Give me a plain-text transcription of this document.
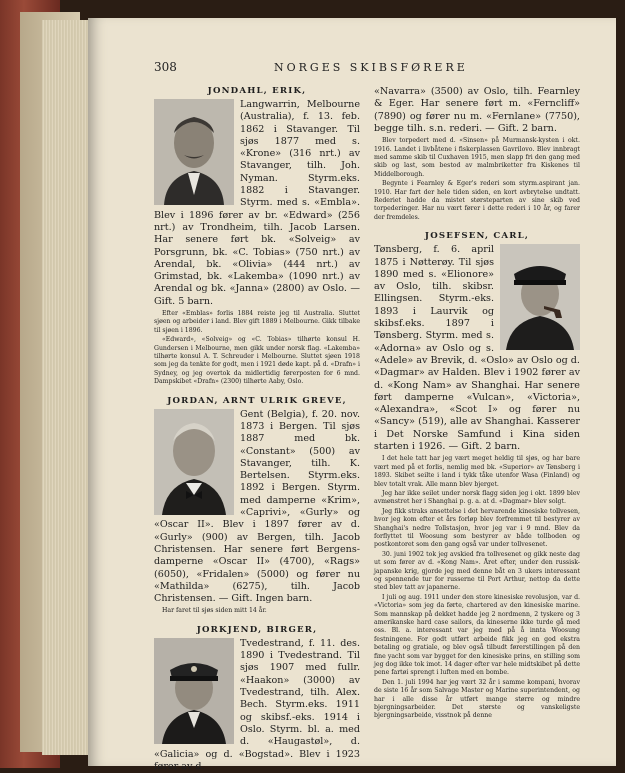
308	NORGES SKIBSFØRERE
JONDAHL, ERIK,
Langwarrin, Melbourne (Australia), f. 13. feb. 1862 i Stavanger. Til sjøs 1877 med s. «Krone» (316 nrt.) av Stavanger, tilh. Joh. Nyman. Styrm.eks. 1882 i Stavanger. Styrm. med s. «Embla». Blev i 1896 fører av br. «Edward» (256 nrt.) av Trondheim, tilh. Jacob Larsen. Har senere ført bk. «Solveig» av Porsgrunn, bk. «C. Tobias» (750 nrt.) av Arendal, bk. «Olivia» (444 nrt.) av Grimstad, bk. «Lakemba» (1090 nrt.) av Arendal og bk. «Janna» (2800) av Oslo. — Gift. 5 barn.

Efter «Emblas» forlis 1884 reiste jeg til Australia. Sluttet sjøen og arbeider i land. Blev gift 1889 i Melbourne. Gikk tilbake til sjøen i 1896.

«Edward», «Solveig» og «C. Tobias» tilhørte konsul H. Gundersen i Melbourne, men gikk under norsk flag. «Lakemba» tilhørte konsul A. T. Schreuder i Melbourne. Sluttet sjøen 1918 som jeg da tenkte for godt, men i 1921 døde kapt. på d. «Drafn» i Sydney, og jeg overtok da midlertidig førerposten for 6 mnd. Dampskibet «Drafn» (2300) tilhørte Aaby, Oslo.

JORDAN, ARNT ULRIK GREVE,
Gent (Belgia), f. 20. nov. 1873 i Bergen. Til sjøs 1887 med bk. «Constant» (500) av Stavanger, tilh. K. Bertelsen. Styrm.eks. 1892 i Bergen. Styrm. med damperne «Krim», «Caprivi», «Gurly» og «Oscar II». Blev i 1897 fører av d. «Gurly» (900) av Bergen, tilh. Jacob Christensen. Har senere ført Bergens-damperne «Oscar II» (4700), «Rags» (6050), «Fridalen» (5000) og fører nu «Mathilda» (6275), tilh. Jacob Christensen. — Gift. Ingen barn.

Har faret til sjøs siden mitt 14 år.

JORKJEND, BIRGER,
Tvedestrand, f. 11. des. 1890 i Tvedestrand. Til sjøs 1907 med fullr. «Haakon» (3000) av Tvedestrand, tilh. Alex. Bech. Styrm.eks. 1911 og skibsf.-eks. 1914 i Oslo. Styrm. bl. a. med d. «Haugastøl», d. «Galicia» og d. «Bogstad». Blev i 1923 fører av d.
«Navarra» (3500) av Oslo, tilh. Fearnley & Eger. Har senere ført m. «Ferncliff» (7890) og fører nu m. «Fernlane» (7750), begge tilh. s.n. rederi. — Gift. 2 barn.

Blev torpedert med d. «Sinsen» på Murmansk-kysten i okt. 1916. Landet i livbåtene i fiskerplassen Gavrilovo. Blev innbragt med samme skib til Cuxhaven 1915, men slapp fri den gang med skib og last, som bestod av malmbriketter fra Kiskenes til Middelborough.

Begynte i Fearnley & Eger's rederi som styrm.aspirant jan. 1910. Har fart der hele tiden siden, en kort avbrytelse undtatt. Rederiet hadde da mistet størsteparten av sine skib ved torpederinger. Har nu vært fører i dette rederi i 10 år, og farer der fremdeles.

JOSEFSEN, CARL,
Tønsberg, f. 6. april 1875 i Nøtterøy. Til sjøs 1890 med s. «Elionore» av Oslo, tilh. skibsr. Ellingsen. Styrm.-eks. 1893 i Laurvik og skibsf.eks. 1897 i Tønsberg. Styrm. med s. «Adorna» av Oslo og s. «Adele» av Brevik, d. «Oslo» av Oslo og d. «Dagmar» av Halden. Blev i 1902 fører av d. «Kong Nam» av Shanghai. Har senere ført damperne «Vulcan», «Victoria», «Alexandra», «Scot I» og fører nu «Sancy» (519), alle av Shanghai. Kasserer i Det Norske Samfund i Kina siden starten i 1926. — Gift. 2 barn.

I det hele tatt har jeg vært meget heldig til sjøs, og har bare vært med på et forlis, nemlig med bk. «Superior» av Tønsberg i 1893. Skibet seilte i land i tykk tåke utenfor Wasa (Finland) og blev totalt vrak. Alle mann blev bjerget.

Jeg har ikke seilet under norsk flagg siden jeg i okt. 1899 blev avmønstret her i Shanghai p. g. a. at d. «Dagmar» blev solgt.

Jeg fikk straks ansettelse i det hervarende kinesiske tollvesen, hvor jeg kom efter et års forløp blev forfremmet til bestyrer av Shanghai's nedre Tollstasjon, hvor jeg var i 9 mnd. Blev da forflyttet til Woosung som bestyrer av både tollboden og postkontoret som den gang også var under tollvesenet.

30. juni 1902 tok jeg avskied fra tollvesenet og gikk neste dag ut som fører av d. «Kong Nam». Året efter, under den russisk-japanske krig, gjorde jeg med denne båt en 3 ukers interessant og spennende tur for russerne til Port Arthur, nettop da dette sted blev tatt av japanerne.

I juli og aug. 1911 under den store kinesiske revolusjon, var d. «Victoria» som jeg da førte, chartered av den kinesiske marine. Som mannskap på dekket hadde jeg 2 nordmenn, 2 tyskere og 3 amerikanske hard case sailors, da kineserne ikke turde gå med oss. Bl. a. interessant var jeg med på å innta Woosung festningene. For godt utført arbeide fikk jeg en god ekstra betaling og gratiale, og blev også tilbudt førerstillingen på den fine yacht som var bygget for den kinesiske prins, en stilling som jeg dog ikke tok imot. 14 dager efter var hele midtskibet på dette pene fartøi sprengt i luften med en bombe.

Den 1. juli 1994 har jeg vært 32 år i samme kompani, hvorav de siste 16 år som Salvage Master og Marine superintendent, og har i alle disse år utført mange større og mindre bjergningsarbeider. Det største og vanskeligste bjergningsarbeide, visstnok på denne
